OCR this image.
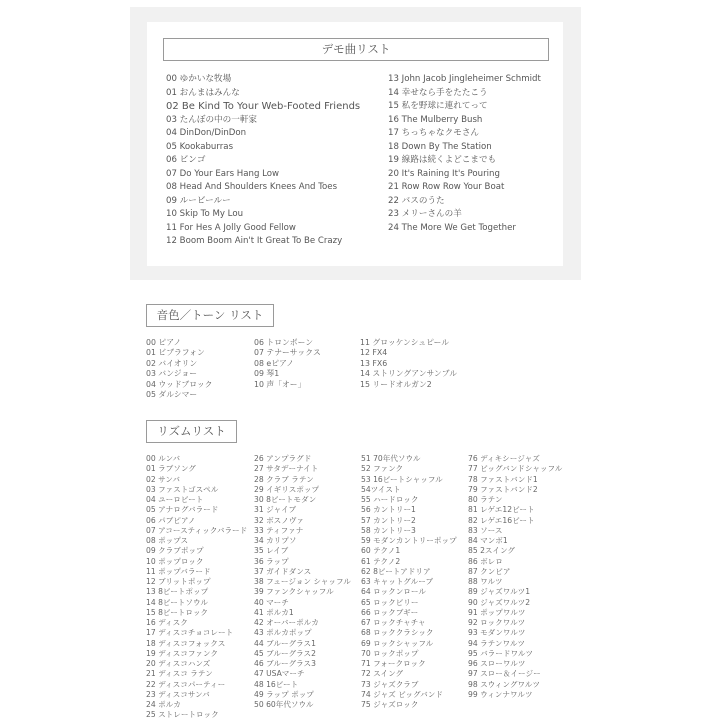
デモ曲リスト
00 ゆかいな牧場
01 おんまはみんな
02 Be Kind To Your Web-Footed Friends
03 たんぼの中の一軒家
04 DinDon/DinDon
05 Kookaburras
06 ビンゴ
07 Do Your Ears Hang Low
08 Head And Shoulders Knees And Toes
09 ルービールー
10 Skip To My Lou
11 For Hes A Jolly Good Fellow
12 Boom Boom Ain't It Great To Be Crazy
13 John Jacob Jingleheimer Schmidt
14 幸せなら手をたたこう
15 私を野球に連れてって
16 The Mulberry Bush
17 ちっちゃなクモさん
18 Down By The Station
19 線路は続くよどこまでも
20 It's Raining It's Pouring
21 Row Row Row Your Boat
22 バスのうた
23 メリーさんの羊
24 The More We Get Together
音色／トーン リスト
00 ピアノ
01 ビブラフォン
02 バイオリン
03 バンジョー
04 ウッドブロック
05 ダルシマー
06 トロンボーン
07 テナーサックス
08 eピアノ
09 琴1
10 声「オー」
11 グロッケンシュピール
12 FX4
13 FX6
14 ストリングアンサンブル
15 リードオルガン2
リズムリスト
00 ルンバ
01 ラブソング
02 サンバ
03 ファストゴスペル
04 ユーロビート
05 アナログバラード
06 パブピアノ
07 アコースティックバラード
08 ポップス
09 クラブポップ
10 ポップロック
11 ポップバラード
12 ブリットポップ
13 8ビートポップ
14 8ビートソウル
15 8ビートロック
16 ディスク
17 ディスコチョコレート
18 ディスコフォックス
19 ディスコファンク
20 ディスコハンズ
21 ディスコ ラテン
22 ディスコパーティー
23 ディスコサンバ
24 ポルカ
25 ストレートロック
26 アンプラグド
27 サタデーナイト
28 クラブ ラテン
29 イギリスポップ
30 8ビートモダン
31 ジャイブ
32 ボスノヴァ
33 ティファナ
34 カリプソ
35 レイブ
36 ラップ
37 ガイドダンス
38 フュージョン シャッフル
39 ファンクシャッフル
40 マーチ
41 ポルカ1
42 オーバーポルカ
43 ポルカポップ
44 ブルーグラス1
45 ブルーグラス2
46 ブルーグラス3
47 USAマーチ
48 16ビート
49 ラップ ポップ
50 60年代ソウル
51 70年代ソウル
52 ファンク
53 16ビートシャッフル
54ツイスト
55 ハードロック
56 カントリー1
57 カントリー2
58 カントリー3
59 モダンカントリーポップ
60 テクノ1
61 テクノ2
62 8ビートアドリア
63 キャットグルーブ
64 ロックンロール
65 ロックビリー
66 ロックブギー
67 ロックチャチャ
68 ロッククラシック
69 ロックシャッフル
70 ロックポップ
71 フォークロック
72 スイング
73 ジャズクラブ
74 ジャズ ビッグバンド
75 ジャズロック
76 ディキシージャズ
77 ビッグバンドシャッフル
78 ファストバンド1
79 ファストバンド2
80 ラテン
81 レゲエ12ビート
82 レゲエ16ビート
83 ソース
84 マンボ1
85 2スイング
86 ボレロ
87 クンビア
88 ワルツ
89 ジャズワルツ1
90 ジャズワルツ2
91 ポップワルツ
92 ロックワルツ
93 モダンワルツ
94 ラテンワルツ
95 バラードワルツ
96 スローワルツ
97 スロー＆イージー
98 スウィングワルツ
99 ウィンナワルツ
